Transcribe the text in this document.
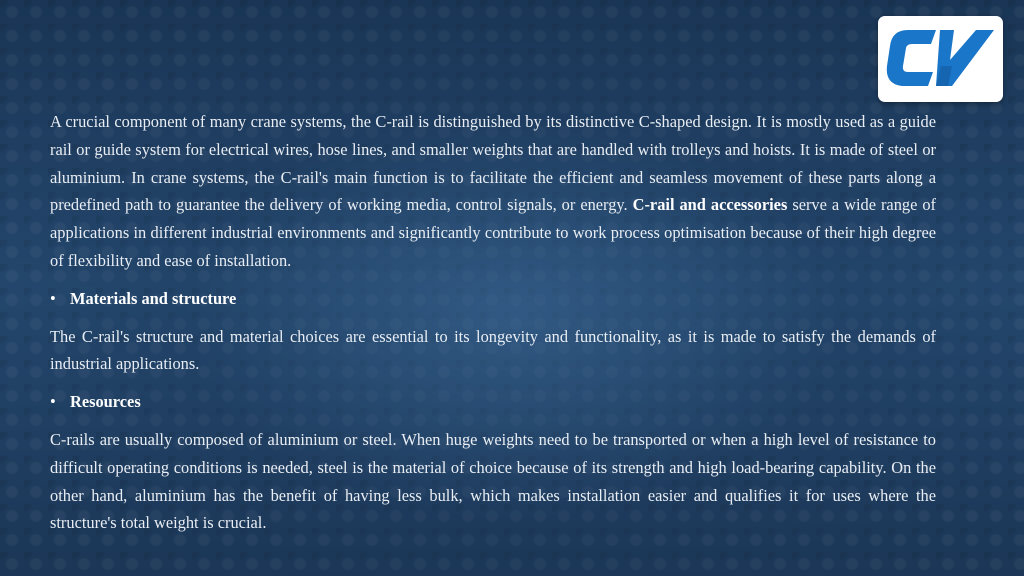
A crucial component of many crane systems, the C-rail is distinguished by its distinctive C-shaped design. It is mostly used as a guide rail or guide system for electrical wires, hose lines, and smaller weights that are handled with trolleys and hoists. It is made of steel or aluminium. In crane systems, the C-rail's main function is to facilitate the efficient and seamless movement of these parts along a predefined path to guarantee the delivery of working media, control signals, or energy. C-rail and accessories serve a wide range of applications in different industrial environments and significantly contribute to work process optimisation because of their high degree of flexibility and ease of installation.

• Materials and structure

The C-rail's structure and material choices are essential to its longevity and functionality, as it is made to satisfy the demands of industrial applications.

• Resources

C-rails are usually composed of aluminium or steel. When huge weights need to be transported or when a high level of resistance to difficult operating conditions is needed, steel is the material of choice because of its strength and high load-bearing capability. On the other hand, aluminium has the benefit of having less bulk, which makes installation easier and qualifies it for uses where the structure's total weight is crucial.
